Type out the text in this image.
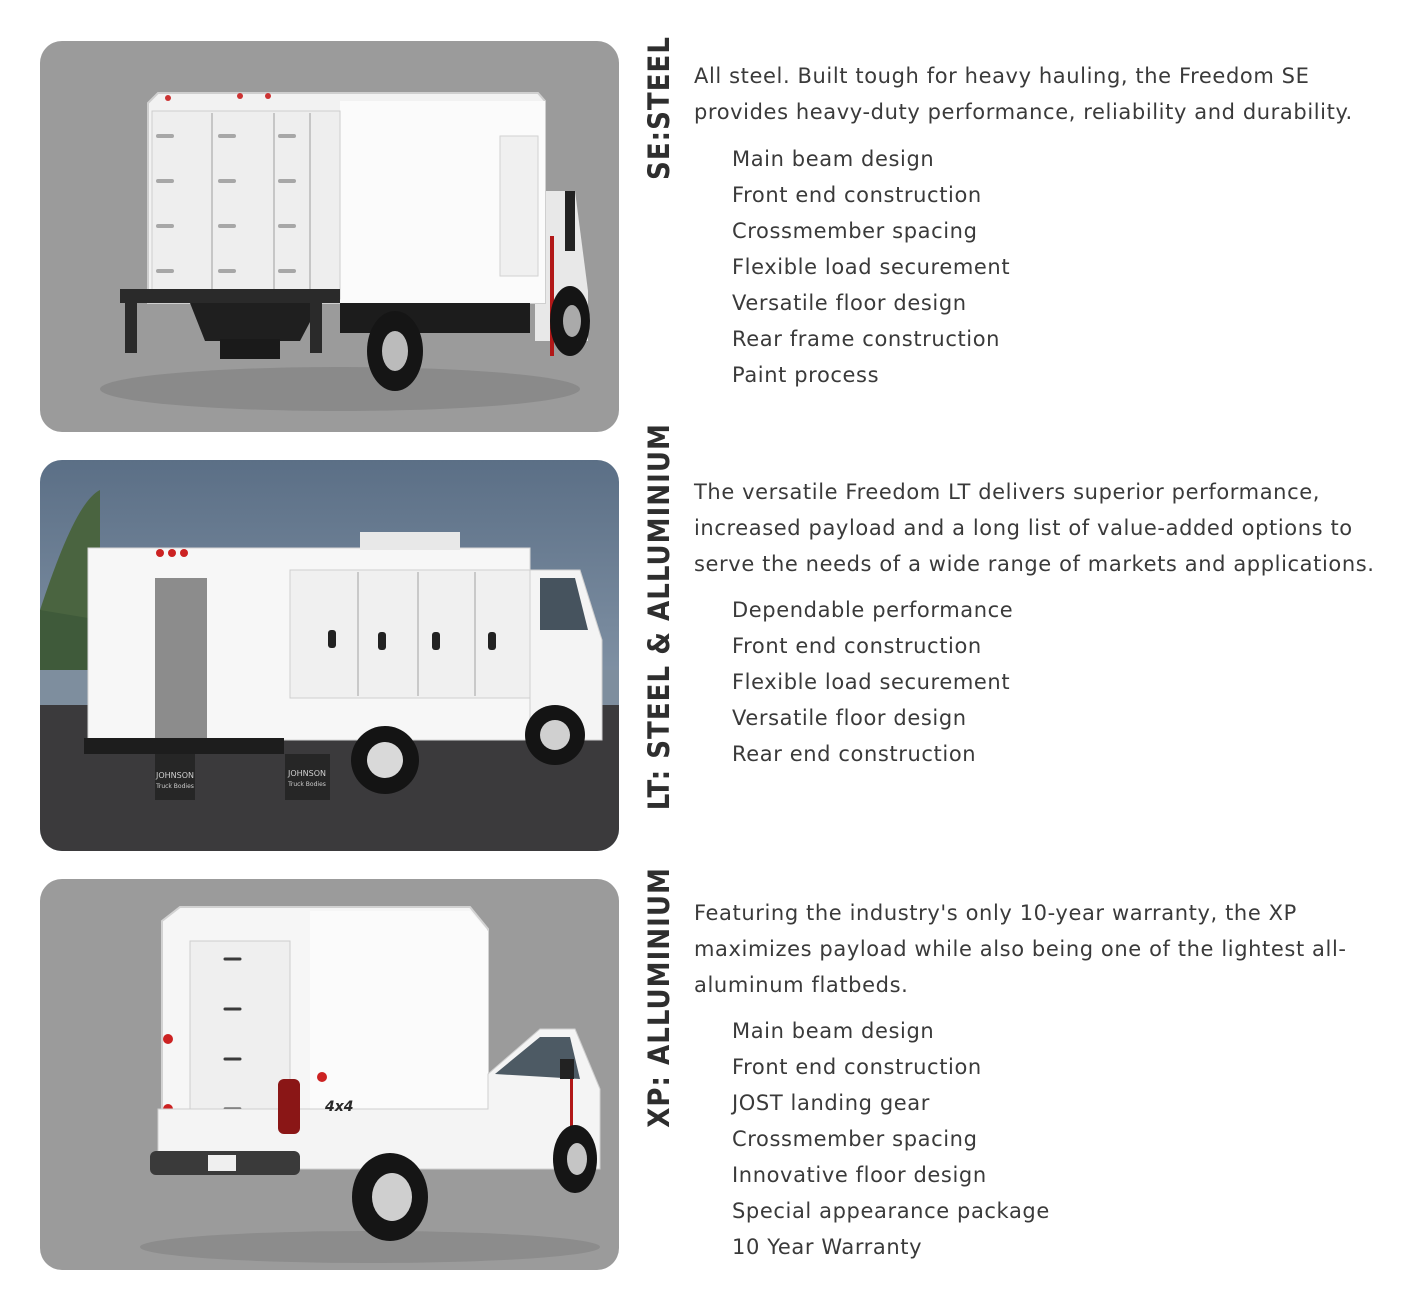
SE:STEEL All steel. Built tough for heavy hauling, the Freedom SE provides heavy-duty performance, reliability and durability.

Main beam design
Front end construction
Crossmember spacing
Flexible load securement
Versatile floor design
Rear frame construction
Paint process
JOHNSON
Truck Bodies
JOHNSON
Truck Bodies	LT: STEEL & ALLUMINIUM The versatile Freedom LT delivers superior performance, increased payload and a long list of value-added options to serve the needs of a wide range of markets and applications.

Dependable performance
Front end construction
Flexible load securement
Versatile floor design
Rear end construction
4x4	XP: ALLUMINIUM Featuring the industry's only 10-year warranty, the XP maximizes payload while also being one of the lightest all-aluminum flatbeds.

Main beam design
Front end construction
JOST landing gear
Crossmember spacing
Innovative floor design
Special appearance package
10 Year Warranty
